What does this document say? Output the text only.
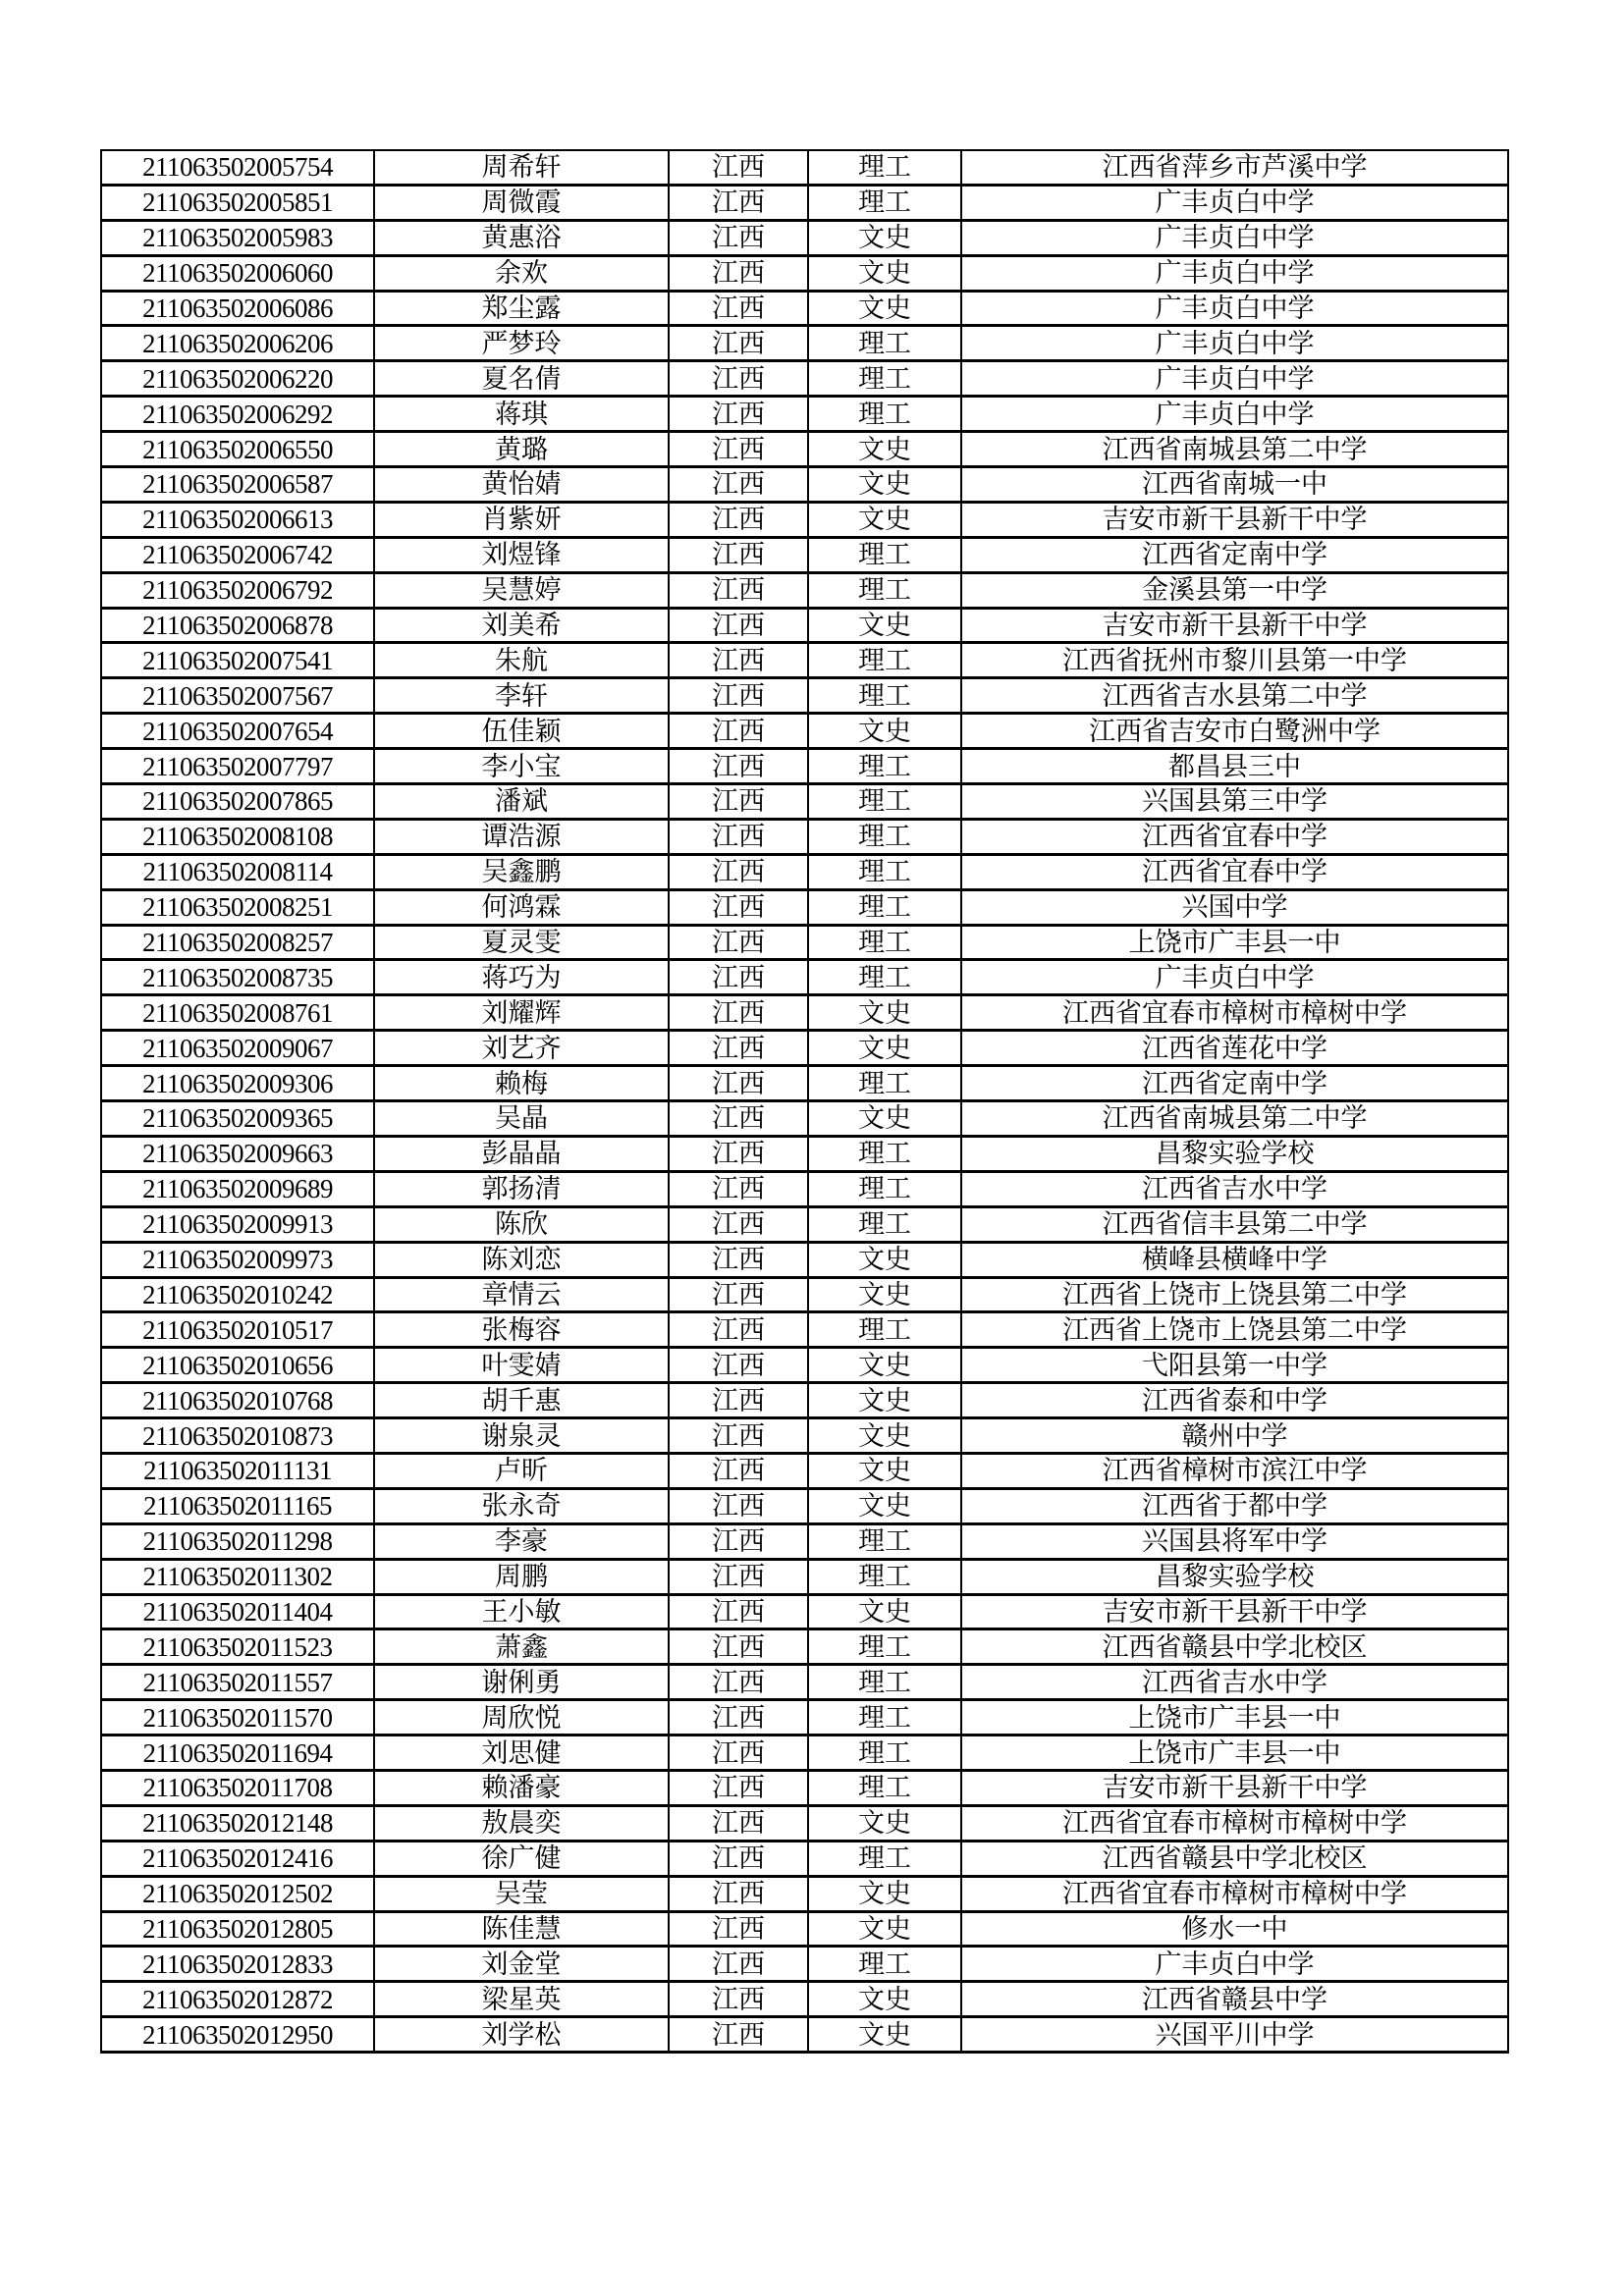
211063502005754	周希轩	江西	理工	江西省萍乡市芦溪中学
211063502005851	周微霞	江西	理工	广丰贞白中学
211063502005983	黄惠浴	江西	文史	广丰贞白中学
211063502006060	余欢	江西	文史	广丰贞白中学
211063502006086	郑尘露	江西	文史	广丰贞白中学
211063502006206	严梦玲	江西	理工	广丰贞白中学
211063502006220	夏名倩	江西	理工	广丰贞白中学
211063502006292	蒋琪	江西	理工	广丰贞白中学
211063502006550	黄璐	江西	文史	江西省南城县第二中学
211063502006587	黄怡婧	江西	文史	江西省南城一中
211063502006613	肖紫妍	江西	文史	吉安市新干县新干中学
211063502006742	刘煜锋	江西	理工	江西省定南中学
211063502006792	吴慧婷	江西	理工	金溪县第一中学
211063502006878	刘美希	江西	文史	吉安市新干县新干中学
211063502007541	朱航	江西	理工	江西省抚州市黎川县第一中学
211063502007567	李轩	江西	理工	江西省吉水县第二中学
211063502007654	伍佳颖	江西	文史	江西省吉安市白鹭洲中学
211063502007797	李小宝	江西	理工	都昌县三中
211063502007865	潘斌	江西	理工	兴国县第三中学
211063502008108	谭浩源	江西	理工	江西省宜春中学
211063502008114	吴鑫鹏	江西	理工	江西省宜春中学
211063502008251	何鸿霖	江西	理工	兴国中学
211063502008257	夏灵雯	江西	理工	上饶市广丰县一中
211063502008735	蒋巧为	江西	理工	广丰贞白中学
211063502008761	刘耀辉	江西	文史	江西省宜春市樟树市樟树中学
211063502009067	刘艺齐	江西	文史	江西省莲花中学
211063502009306	赖梅	江西	理工	江西省定南中学
211063502009365	吴晶	江西	文史	江西省南城县第二中学
211063502009663	彭晶晶	江西	理工	昌黎实验学校
211063502009689	郭扬清	江西	理工	江西省吉水中学
211063502009913	陈欣	江西	理工	江西省信丰县第二中学
211063502009973	陈刘恋	江西	文史	横峰县横峰中学
211063502010242	章情云	江西	文史	江西省上饶市上饶县第二中学
211063502010517	张梅容	江西	理工	江西省上饶市上饶县第二中学
211063502010656	叶雯婧	江西	文史	弋阳县第一中学
211063502010768	胡千惠	江西	文史	江西省泰和中学
211063502010873	谢泉灵	江西	文史	赣州中学
211063502011131	卢昕	江西	文史	江西省樟树市滨江中学
211063502011165	张永奇	江西	文史	江西省于都中学
211063502011298	李豪	江西	理工	兴国县将军中学
211063502011302	周鹏	江西	理工	昌黎实验学校
211063502011404	王小敏	江西	文史	吉安市新干县新干中学
211063502011523	萧鑫	江西	理工	江西省赣县中学北校区
211063502011557	谢俐勇	江西	理工	江西省吉水中学
211063502011570	周欣悦	江西	理工	上饶市广丰县一中
211063502011694	刘思健	江西	理工	上饶市广丰县一中
211063502011708	赖潘豪	江西	理工	吉安市新干县新干中学
211063502012148	敖晨奕	江西	文史	江西省宜春市樟树市樟树中学
211063502012416	徐广健	江西	理工	江西省赣县中学北校区
211063502012502	吴莹	江西	文史	江西省宜春市樟树市樟树中学
211063502012805	陈佳慧	江西	文史	修水一中
211063502012833	刘金堂	江西	理工	广丰贞白中学
211063502012872	梁星英	江西	文史	江西省赣县中学
211063502012950	刘学松	江西	文史	兴国平川中学
